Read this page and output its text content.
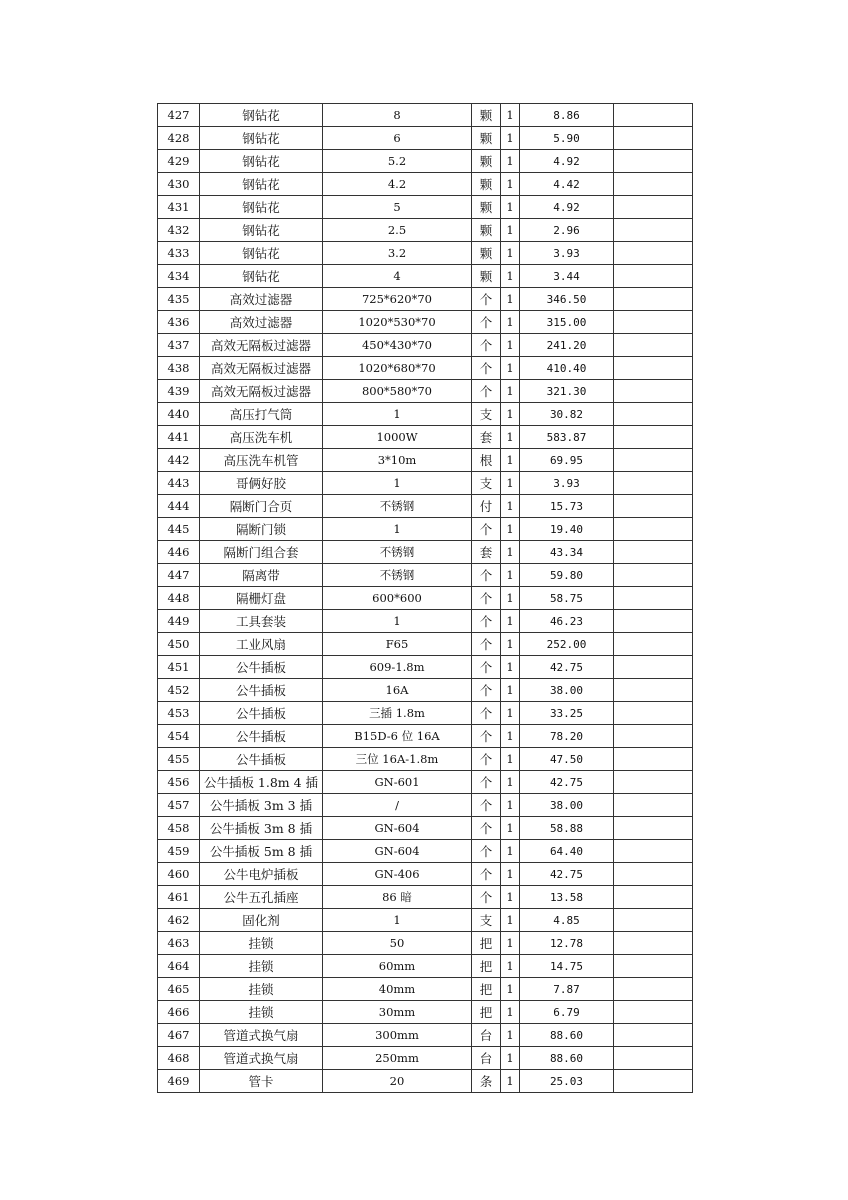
427	钢钻花	8	颗	1	8.86	
428	钢钻花	6	颗	1	5.90	
429	钢钻花	5.2	颗	1	4.92	
430	钢钻花	4.2	颗	1	4.42	
431	钢钻花	5	颗	1	4.92	
432	钢钻花	2.5	颗	1	2.96	
433	钢钻花	3.2	颗	1	3.93	
434	钢钻花	4	颗	1	3.44	
435	高效过滤器	725*620*70	个	1	346.50	
436	高效过滤器	1020*530*70	个	1	315.00	
437	高效无隔板过滤器	450*430*70	个	1	241.20	
438	高效无隔板过滤器	1020*680*70	个	1	410.40	
439	高效无隔板过滤器	800*580*70	个	1	321.30	
440	高压打气筒	1	支	1	30.82	
441	高压洗车机	1000W	套	1	583.87	
442	高压洗车机管	3*10m	根	1	69.95	
443	哥俩好胶	1	支	1	3.93	
444	隔断门合页	不锈钢	付	1	15.73	
445	隔断门锁	1	个	1	19.40	
446	隔断门组合套	不锈钢	套	1	43.34	
447	隔离带	不锈钢	个	1	59.80	
448	隔栅灯盘	600*600	个	1	58.75	
449	工具套装	1	个	1	46.23	
450	工业风扇	F65	个	1	252.00	
451	公牛插板	609-1.8m	个	1	42.75	
452	公牛插板	16A	个	1	38.00	
453	公牛插板	三插 1.8m	个	1	33.25	
454	公牛插板	B15D-6 位 16A	个	1	78.20	
455	公牛插板	三位 16A-1.8m	个	1	47.50	
456	公牛插板 1.8m 4 插	GN-601	个	1	42.75	
457	公牛插板 3m 3 插	/	个	1	38.00	
458	公牛插板 3m 8 插	GN-604	个	1	58.88	
459	公牛插板 5m 8 插	GN-604	个	1	64.40	
460	公牛电炉插板	GN-406	个	1	42.75	
461	公牛五孔插座	86 暗	个	1	13.58	
462	固化剂	1	支	1	4.85	
463	挂锁	50	把	1	12.78	
464	挂锁	60mm	把	1	14.75	
465	挂锁	40mm	把	1	7.87	
466	挂锁	30mm	把	1	6.79	
467	管道式换气扇	300mm	台	1	88.60	
468	管道式换气扇	250mm	台	1	88.60	
469	管卡	20	条	1	25.03	
